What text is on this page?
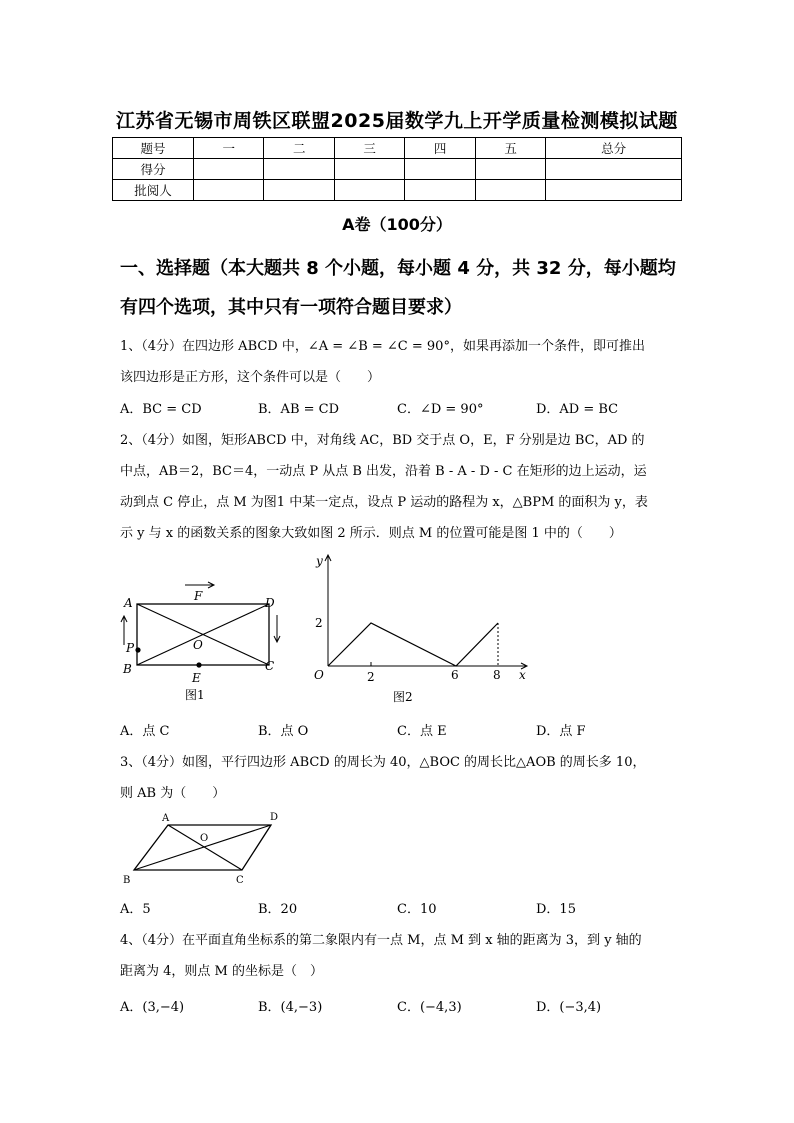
江苏省无锡市周铁区联盟2025届数学九上开学质量检测模拟试题
题号	一	二	三	四	五	总分
得分						
批阅人						
A卷（100分）
一、选择题（本大题共 8 个小题，每小题 4 分，共 32 分，每小题均
有四个选项，其中只有一项符合题目要求）
1、（4分）在四边形 ABCD 中，∠A = ∠B = ∠C = 90°，如果再添加一个条件，即可推出
该四边形是正方形，这个条件可以是（　　）
A．BC = CD	B．AB = CD	C．∠D = 90°	D．AD = BC
2、（4分）如图，矩形ABCD 中，对角线 AC，BD 交于点 O，E，F 分别是边 BC，AD 的
中点，AB＝2，BC＝4，一动点 P 从点 B 出发，沿着 B - A - D - C 在矩形的边上运动，运
动到点 C 停止，点 M 为图1 中某一定点，设点 P 运动的路程为 x，△BPM 的面积为 y，表
示 y 与 x 的函数关系的图象大致如图 2 所示．则点 M 的位置可能是图 1 中的（　　）
A	D
B	C
O
F
E
P
图1
y
x
O
2
2	6	8
图2
A．点 C	B．点 O	C．点 E	D．点 F
3、（4分）如图，平行四边形 ABCD 的周长为 40，△BOC 的周长比△AOB 的周长多 10，
则 AB 为（　　）
A	D
B	C
O
A．5	B．20	C．10	D．15
4、（4分）在平面直角坐标系的第二象限内有一点 M，点 M 到 x 轴的距离为 3，到 y 轴的
距离为 4，则点 M 的坐标是（　）
A．(3,−4)	B．(4,−3)	C．(−4,3)	D．(−3,4)
